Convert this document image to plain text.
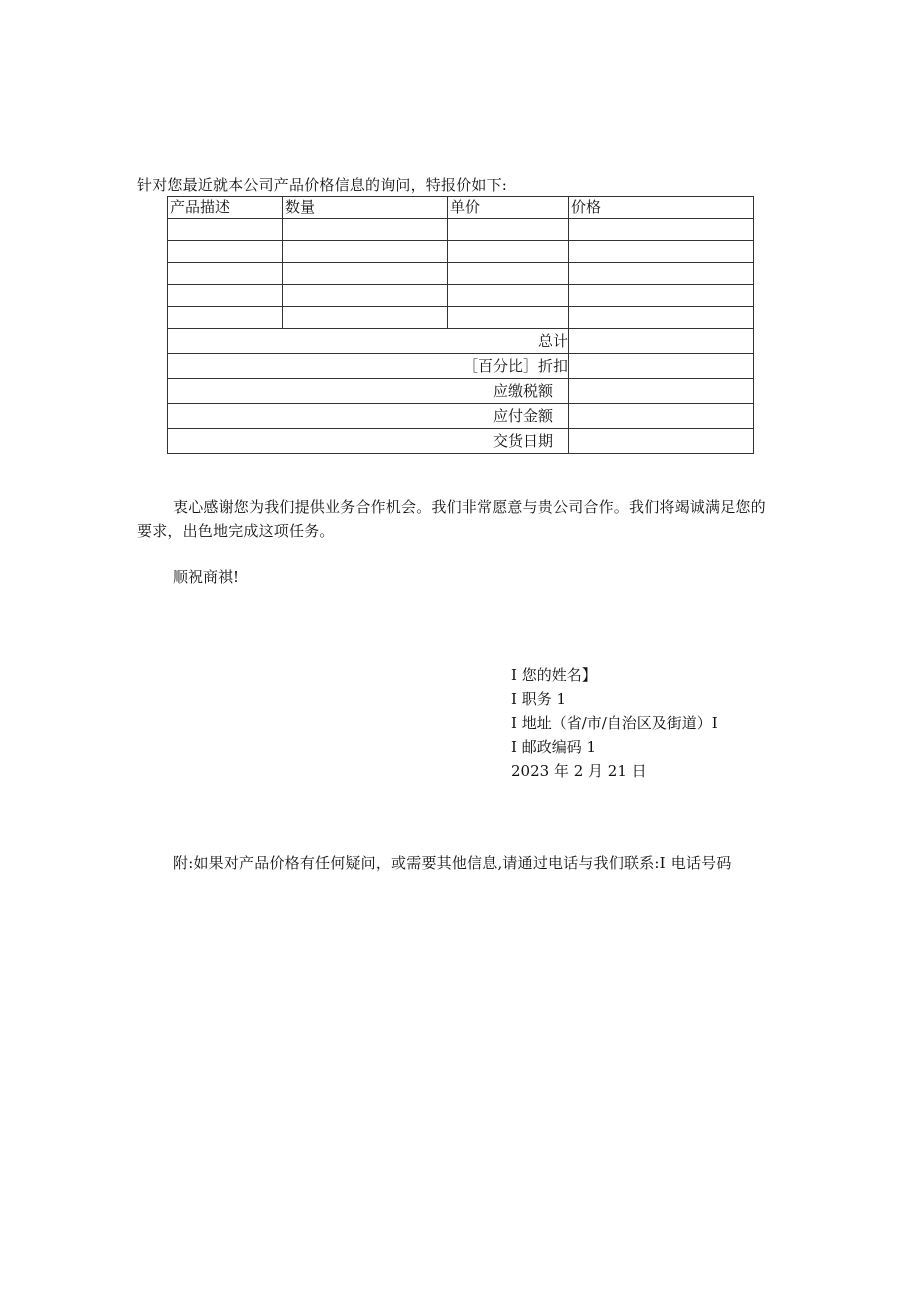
针对您最近就本公司产品价格信息的询问，特报价如下:
产品描述	数量	单价	价格

总计			
［百分比］折扣			
应缴税额			
应付金额			
交货日期			
衷心感谢您为我们提供业务合作机会。我们非常愿意与贵公司合作。我们将竭诚满足您的要求，出色地完成这项任务。
顺祝商祺!
I 您的姓名】
I 职务 1
I 地址（省/市/自治区及街道）I
I 邮政编码 1
2023 年 2 月 21 日
附:如果对产品价格有任何疑问，或需要其他信息,请通过电话与我们联系:I 电话号码
